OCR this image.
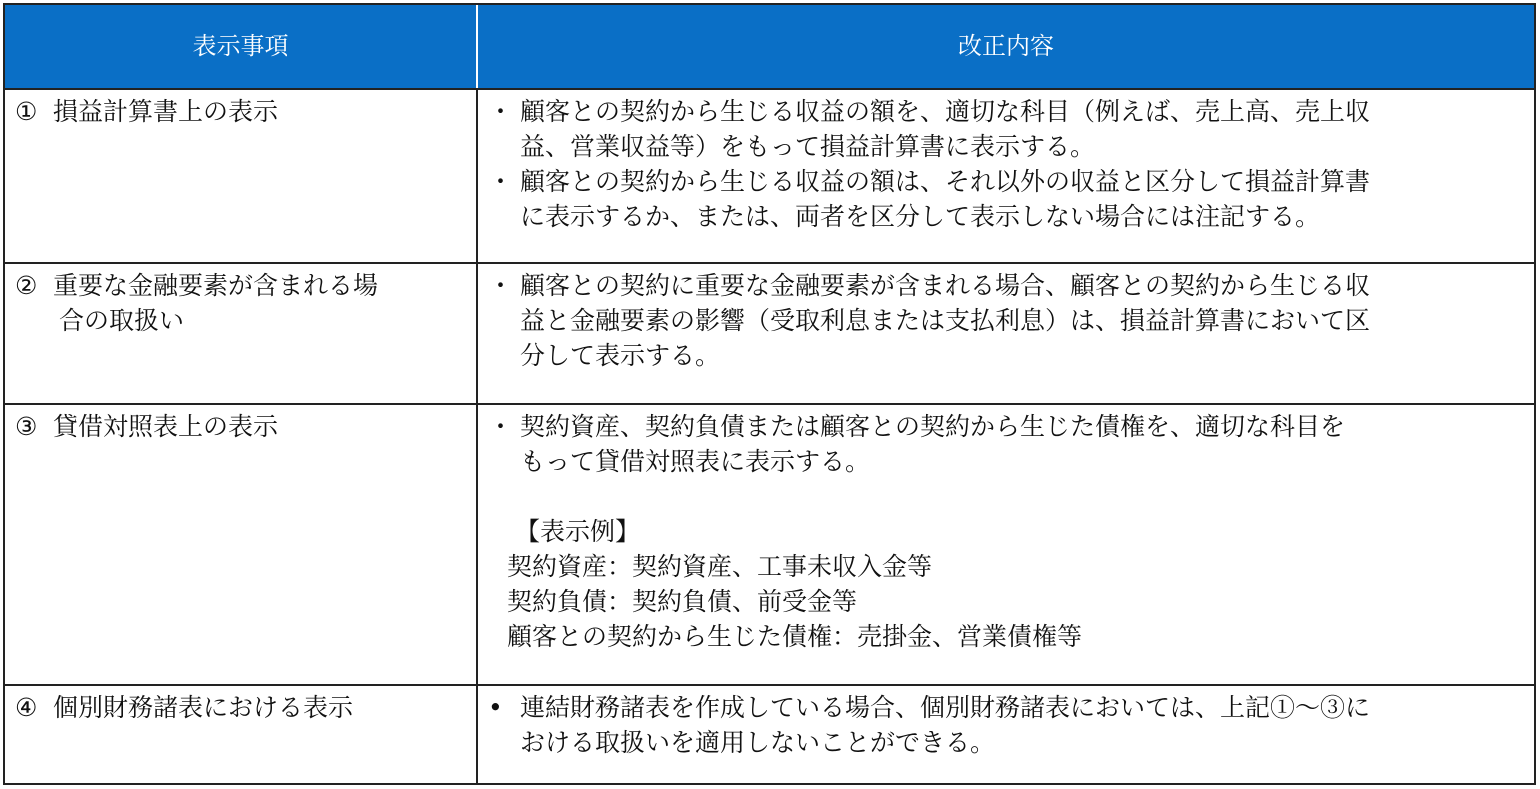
表示事項	改正内容
① 損益計算書上の表示	・ 顧客との契約から生じる収益の額を、適切な科目（例えば、売上高、売上収
益、営業収益等）をもって損益計算書に表示する。
・ 顧客との契約から生じる収益の額は、それ以外の収益と区分して損益計算書
に表示するか、または、両者を区分して表示しない場合には注記する。
② 重要な金融要素が含まれる場
合の取扱い
・ 顧客との契約に重要な金融要素が含まれる場合、顧客との契約から生じる収
益と金融要素の影響（受取利息または支払利息）は、損益計算書において区
分して表示する。
③ 貸借対照表上の表示	・ 契約資産、契約負債または顧客との契約から生じた債権を、適切な科目を
もって貸借対照表に表示する。
【表示例】
契約資産：契約資産、工事未収入金等
契約負債：契約負債、前受金等
顧客との契約から生じた債権：売掛金、営業債権等
④ 個別財務諸表における表示	• 連結財務諸表を作成している場合、個別財務諸表においては、上記①～③に
おける取扱いを適用しないことができる。
